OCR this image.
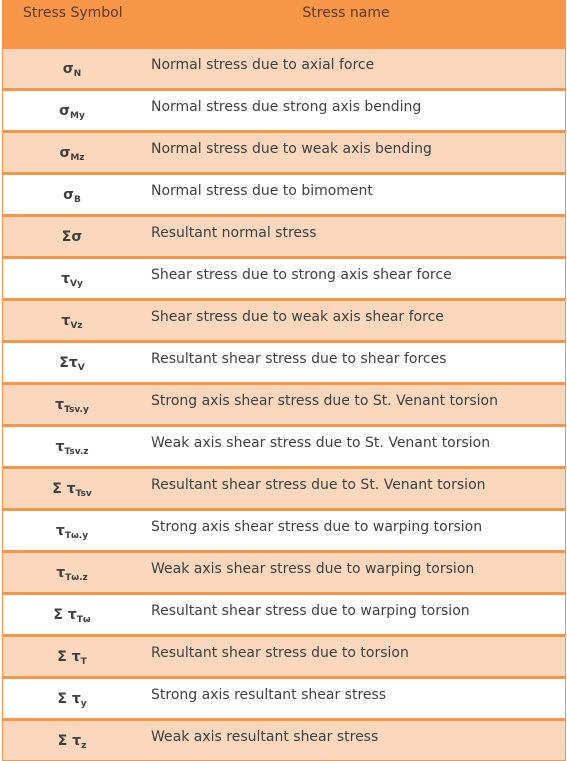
Stress Symbol	Stress name
$\sigma_N$
Normal stress due to axial force
$\sigma_{My}$
Normal stress due strong axis bending
$\sigma_{Mz}$
Normal stress due to weak axis bending
$\sigma_B$
Normal stress due to bimoment
Σσ	Resultant normal stress
$\tau_{Vy}$
Shear stress due to strong axis shear force
$\tau_{Vz}$
Shear stress due to weak axis shear force
$\Sigma\tau_V$
Resultant shear stress due to shear forces
$\tau_{Tsv.y}$
Strong axis shear stress due to St. Venant torsion
$\tau_{Tsv.z}$
Weak axis shear stress due to St. Venant torsion
Σ $\tau_{Tsv}$
Resultant shear stress due to St. Venant torsion
$\tau_{T\omega.y}$
Strong axis shear stress due to warping torsion
$\tau_{T\omega.z}$
Weak axis shear stress due to warping torsion
Σ $\tau_{T\omega}$
Resultant shear stress due to warping torsion
Σ $\tau_T$
Resultant shear stress due to torsion
Σ $\tau_y$
Strong axis resultant shear stress
Σ $\tau_z$
Weak axis resultant shear stress
